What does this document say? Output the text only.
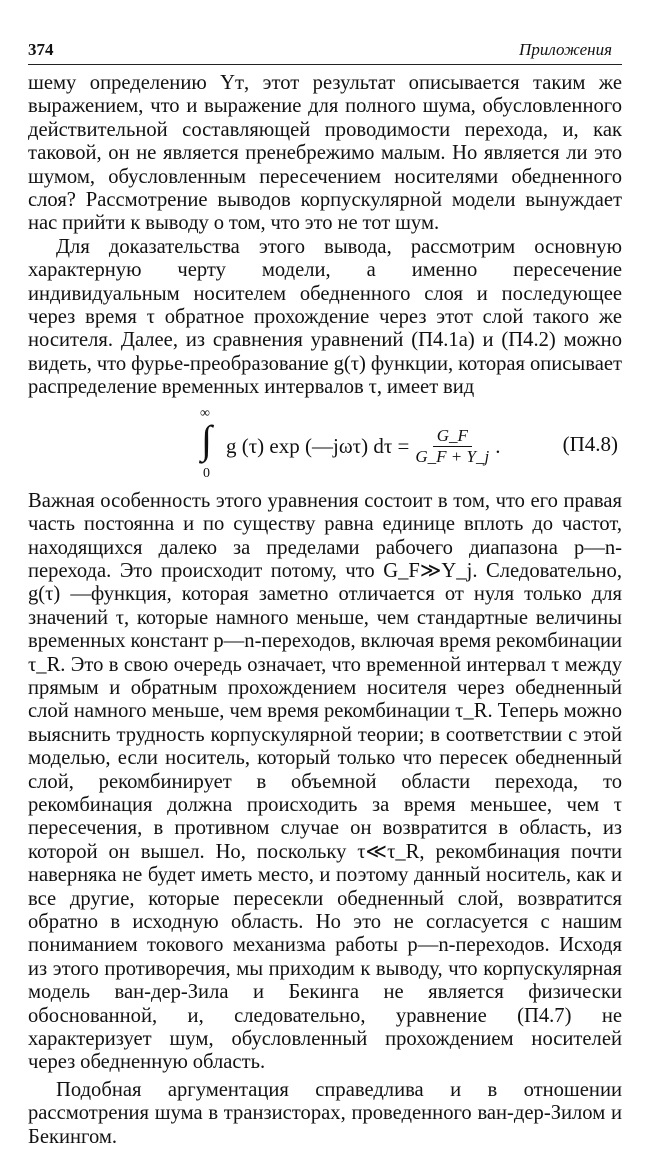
374	Приложения

шему определению Yᴛ, этот результат описывается таким же выражением, что и выражение для полного шума, обусловленного действительной составляющей проводимости перехода, и, как таковой, он не является пренебрежимо малым. Но является ли это шумом, обусловленным пересечением носителями обедненного слоя? Рассмотрение выводов корпускулярной модели вынуждает нас прийти к выводу о том, что это не тот шум.

Для доказательства этого вывода, рассмотрим основную характерную черту модели, а именно пересечение индивидуальным носителем обедненного слоя и последующее через время τ обратное прохождение через этот слой такого же носителя. Далее, из сравнения уравнений (П4.1а) и (П4.2) можно видеть, что фурье-преобразование g(τ) функции, которая описывает распределение временных интервалов τ, имеет вид

∞
∫
0
g (τ) exp (—jωτ) $d\tau = \frac{G\_F}{G\_F + Y\_j}$ .	(П4.8)

Важная особенность этого уравнения состоит в том, что его правая часть постоянна и по существу равна единице вплоть до частот, находящихся далеко за пределами рабочего диапазона p—n-перехода. Это происходит потому, что G_F≫Y_j. Следовательно, g(τ) —функция, которая заметно отличается от нуля только для значений τ, которые намного меньше, чем стандартные величины временных констант p—n-переходов, включая время рекомбинации τ_R. Это в свою очередь означает, что временной интервал τ между прямым и обратным прохождением носителя через обедненный слой намного меньше, чем время рекомбинации τ_R. Теперь можно выяснить трудность корпускулярной теории; в соответствии с этой моделью, если носитель, который только что пересек обедненный слой, рекомбинирует в объемной области перехода, то рекомбинация должна происходить за время меньшее, чем τ пересечения, в противном случае он возвратится в область, из которой он вышел. Но, поскольку τ≪τ_R, рекомбинация почти наверняка не будет иметь место, и поэтому данный носитель, как и все другие, которые пересекли обедненный слой, возвратится обратно в исходную область. Но это не согласуется с нашим пониманием токового механизма работы p—n-переходов. Исходя из этого противоречия, мы приходим к выводу, что корпускулярная модель ван-дер-Зила и Бекинга не является физически обоснованной, и, следовательно, уравнение (П4.7) не характеризует шум, обусловленный прохождением носителей через обедненную область.

Подобная аргументация справедлива и в отношении рассмотрения шума в транзисторах, проведенного ван-дер-Зилом и Бекингом.
